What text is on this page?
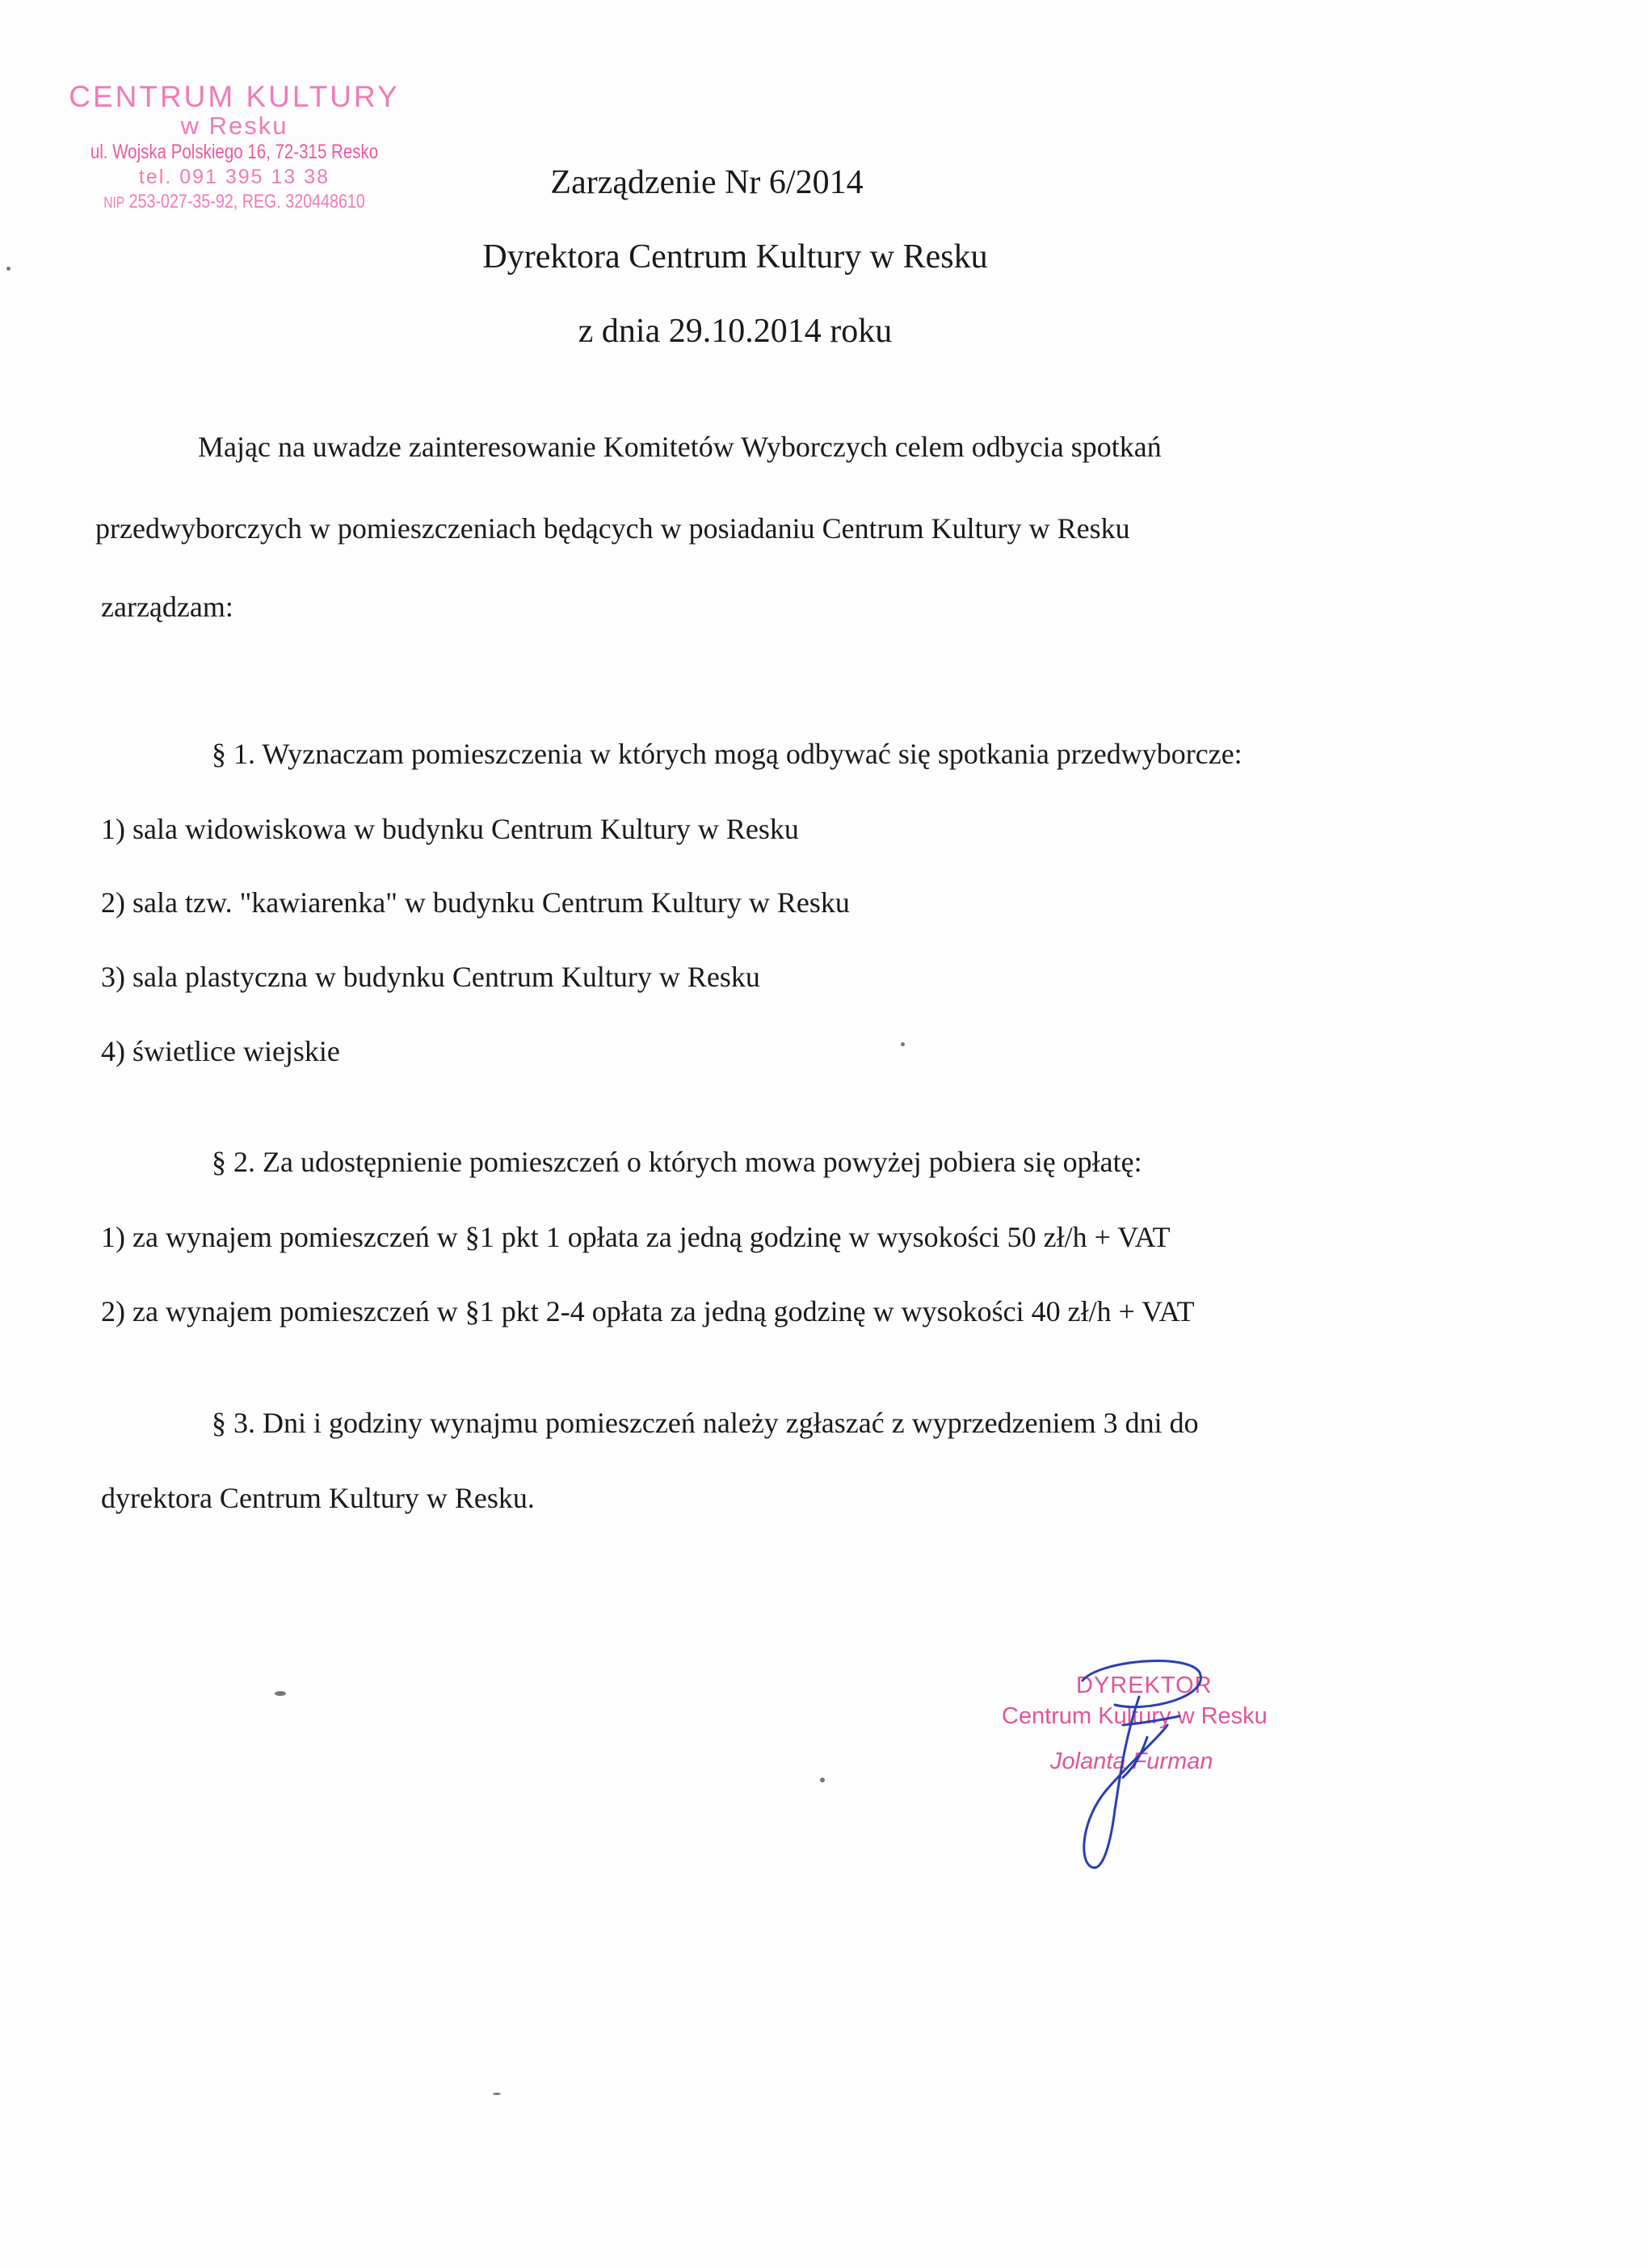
CENTRUM KULTURY
w Resku
ul. Wojska Polskiego 16, 72-315 Resko
tel. 091 395 13 38
NIP 253-027-35-92, REG. 320448610
Zarządzenie Nr 6/2014
Dyrektora Centrum Kultury w Resku
z dnia 29.10.2014 roku
Mając na uwadze zainteresowanie Komitetów Wyborczych celem odbycia spotkań
przedwyborczych w pomieszczeniach będących w posiadaniu Centrum Kultury w Resku
zarządzam:
§ 1. Wyznaczam pomieszczenia w których mogą odbywać się spotkania przedwyborcze:
1) sala widowiskowa w budynku Centrum Kultury w Resku
2) sala tzw. "kawiarenka" w budynku Centrum Kultury w Resku
3) sala plastyczna w budynku Centrum Kultury w Resku
4) świetlice wiejskie
§ 2. Za udostępnienie pomieszczeń o których mowa powyżej pobiera się opłatę:
1) za wynajem pomieszczeń w §1 pkt 1 opłata za jedną godzinę w wysokości 50 zł/h + VAT
2) za wynajem pomieszczeń w §1 pkt 2-4 opłata za jedną godzinę w wysokości 40 zł/h + VAT
§ 3. Dni i godziny wynajmu pomieszczeń należy zgłaszać z wyprzedzeniem 3 dni do
dyrektora Centrum Kultury w Resku.
DYREKTOR
Centrum Kultury w Resku
Jolanta Furman
